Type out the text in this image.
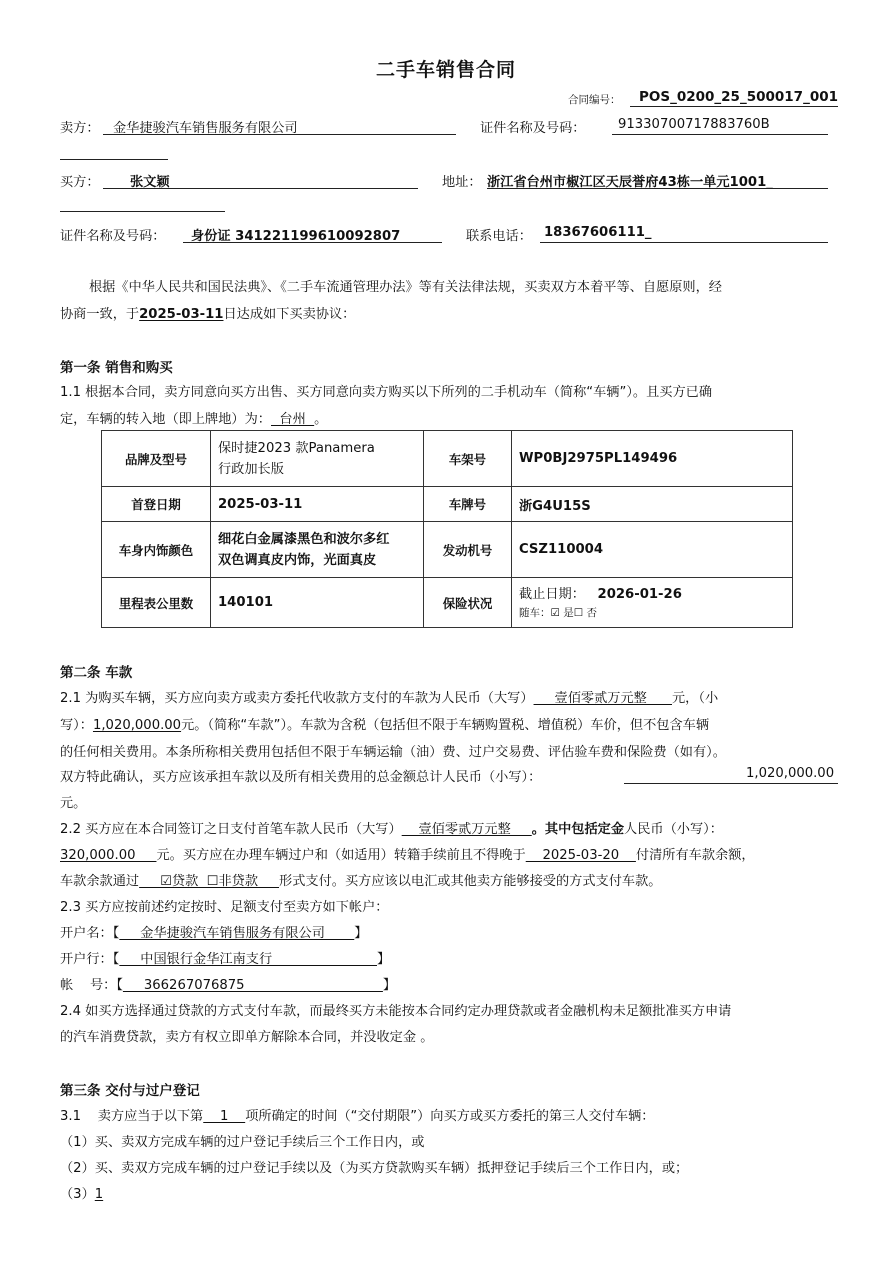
二手车销售合同
合同编号： POS_0200_25_500017_001
卖方： 金华捷骏汽车销售服务有限公司	证件名称及号码： 91330700717883760B
买方： 张文颖	地址： 浙江省台州市椒江区天辰誉府43栋一单元1001_
证件名称及号码： 身份证 341221199610092807	联系电话： 18367606111_
根据《中华人民共和国民法典》、《二手车流通管理办法》等有关法律法规，买卖双方本着平等、自愿原则，经
协商一致，于2025-03-11日达成如下买卖协议：
第一条 销售和购买
1.1 根据本合同，卖方同意向买方出售、买方同意向卖方购买以下所列的二手机动车（简称“车辆”）。且买方已确
定，车辆的转入地（即上牌地）为：  台州  。
品牌及型号	保时捷2023 款Panamera
行政加长版	车架号	WP0BJ2975PL149496
首登日期	2025-03-11	车牌号	浙G4U15S
车身内饰颜色	细花白金属漆黑色和波尔多红
双色调真皮内饰，光面真皮	发动机号	CSZ110004
里程表公里数	140101	保险状况	截止日期： 2026-01-26
随车：☑ 是☐ 否
第二条 车款
2.1 为购买车辆，买方应向卖方或卖方委托代收款方支付的车款为人民币（大写）     壹佰零贰万元整      元，（小
写）：1,020,000.00元。（简称“车款”）。车款为含税（包括但不限于车辆购置税、增值税）车价，但不包含车辆
的任何相关费用。本条所称相关费用包括但不限于车辆运输（油）费、过户交易费、评估验车费和保险费（如有）。
双方特此确认，买方应该承担车款以及所有相关费用的总金额总计人民币（小写）：	1,020,000.00
元。
2.2 买方应在本合同签订之日支付首笔车款人民币（大写）    壹佰零贰万元整     。其中包括定金人民币（小写）：
320,000.00     元。买方应在办理车辆过户和（如适用）转籍手续前且不得晚于    2025-03-20    付清所有车款余额，
车款余款通过     ☑贷款  ☐非贷款     形式支付。买方应该以电汇或其他卖方能够接受的方式支付车款。
2.3 买方应按前述约定按时、足额支付至卖方如下帐户：
开户名：【     金华捷骏汽车销售服务有限公司       】
开户行：【     中国银行金华江南支行                         】
帐    号：【     366267076875                                 】
2.4 如买方选择通过贷款的方式支付车款，而最终买方未能按本合同约定办理贷款或者金融机构未足额批准买方申请
的汽车消费贷款，卖方有权立即单方解除本合同，并没收定金 。
第三条 交付与过户登记
3.1    卖方应当于以下第    1    项所确定的时间（“交付期限”）向买方或买方委托的第三人交付车辆：
（1）买、卖双方完成车辆的过户登记手续后三个工作日内，或
（2）买、卖双方完成车辆的过户登记手续以及（为买方贷款购买车辆）抵押登记手续后三个工作日内，或；
（3）1
